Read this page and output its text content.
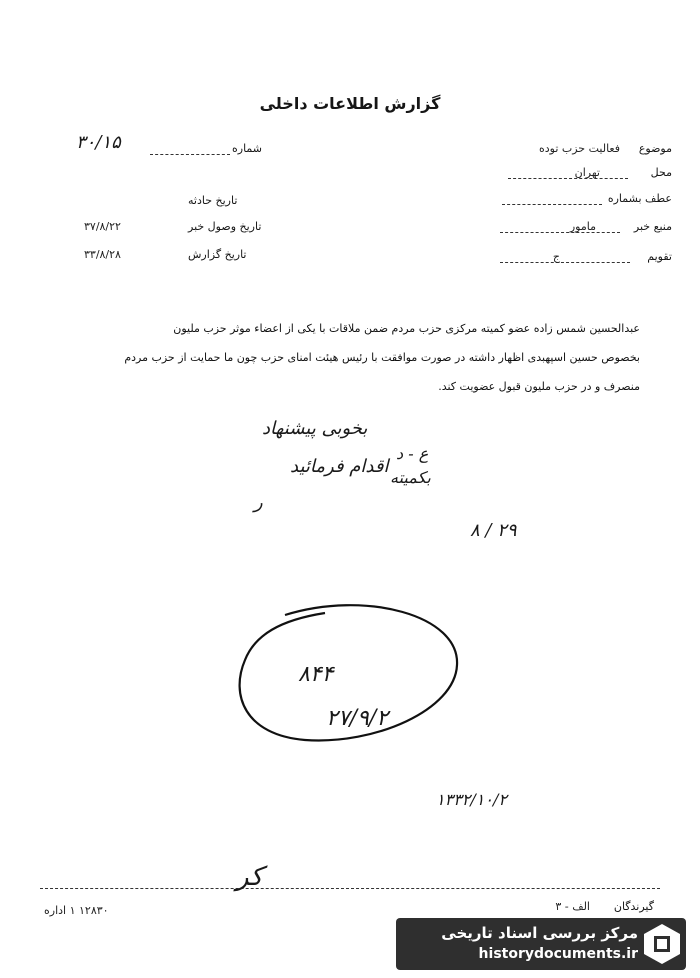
گزارش اطلاعات داخلی
موضوع
فعالیت حزب توده
محل
تهران
عطف بشماره
منبع خبر
مامور
تقویم
ج
شماره
۳۰/۱۵
تاریخ حادثه
تاریخ وصول خبر
۳۷/۸/۲۲
تاریخ گزارش
۳۳/۸/۲۸
عبدالحسین شمس زاده عضو کمیته مرکزی حزب مردم ضمن ملاقات با یکی از اعضاء موثر حزب ملیون
بخصوص حسین اسپهبدی اظهار داشته در صورت موافقت با رئیس هیئت امنای حزب چون ما حمایت از حزب مردم
منصرف و در حزب ملیون قبول عضویت کند.
بخوبی پیشنهاد
اقدام فرمائید
ر
ع - د
بکمیته
۸ / ۲۹
۸۴۴
۲۷/۹/۲
۱۳۳۲/۱۰/۲
گیرندگان
الف - ۳
۱۲۸۳۰ ۱ اداره
کر
مرکز بررسی اسناد تاریخی
historydocuments.ir
